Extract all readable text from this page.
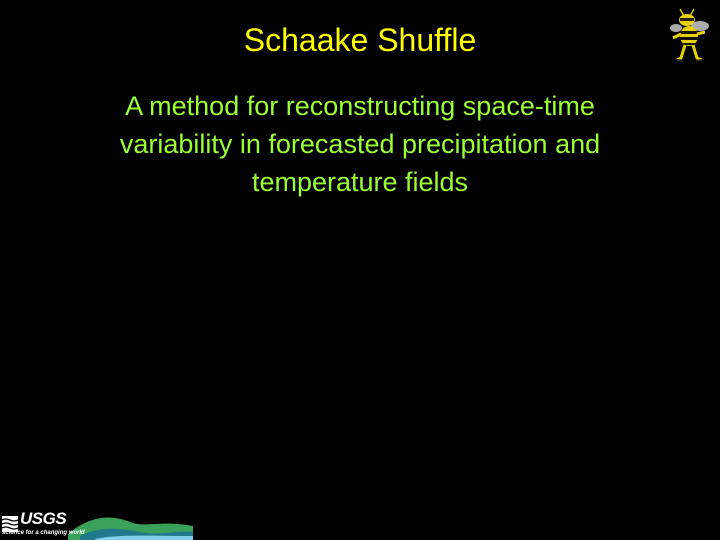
Schaake Shuffle
A method for reconstructing space-time
variability in forecasted precipitation and
temperature fields
USGS
science for a changing world
